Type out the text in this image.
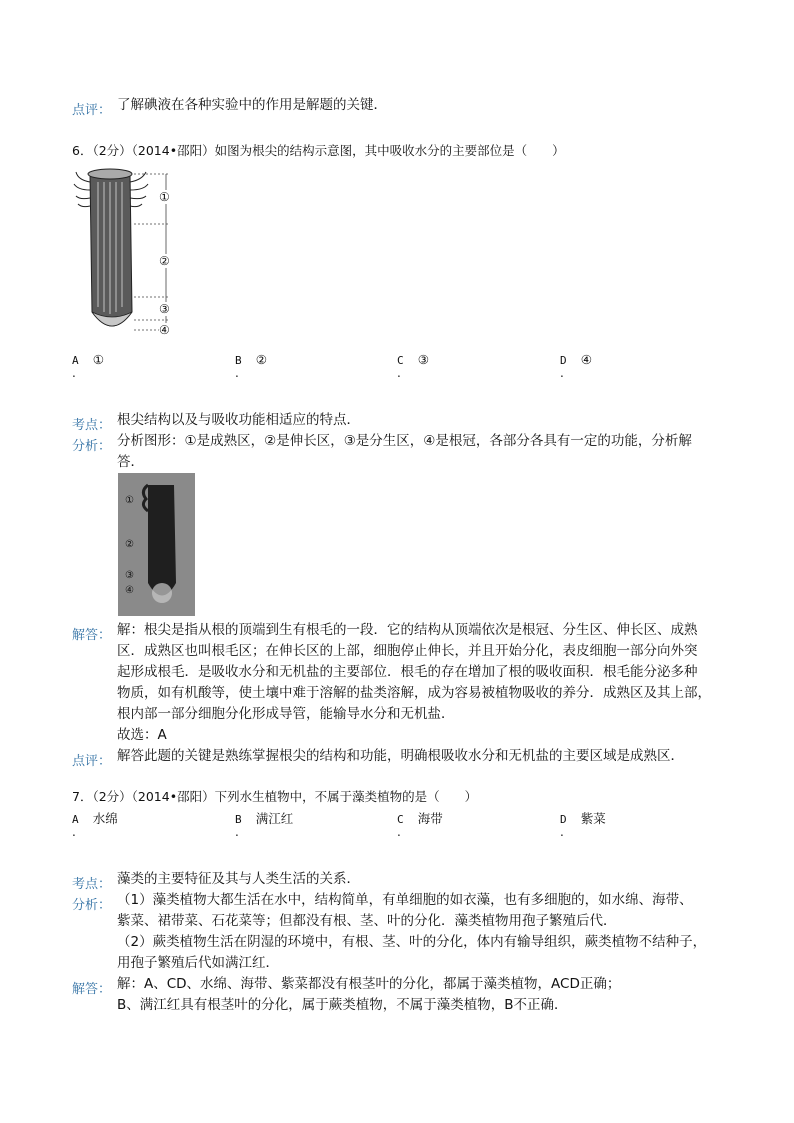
点评： 了解碘液在各种实验中的作用是解题的关键．
6．（2分）（2014•邵阳）如图为根尖的结构示意图，其中吸收水分的主要部位是（　　）
①
②
③
④
A ①
.
B ②
.
C ③
.
D ④
.
考点： 根尖结构以及与吸收功能相适应的特点．
分析： 分析图形：①是成熟区，②是伸长区，③是分生区，④是根冠，各部分各具有一定的功能，分析解
答．
①
②
③
④
解答： 解：根尖是指从根的顶端到生有根毛的一段．它的结构从顶端依次是根冠、分生区、伸长区、成熟
区．成熟区也叫根毛区；在伸长区的上部，细胞停止伸长，并且开始分化，表皮细胞一部分向外突
起形成根毛．是吸收水分和无机盐的主要部位．根毛的存在增加了根的吸收面积．根毛能分泌多种
物质，如有机酸等，使土壤中难于溶解的盐类溶解，成为容易被植物吸收的养分．成熟区及其上部，
根内部一部分细胞分化形成导管，能输导水分和无机盐．
故选：A
点评： 解答此题的关键是熟练掌握根尖的结构和功能，明确根吸收水分和无机盐的主要区域是成熟区．
7．（2分）（2014•邵阳）下列水生植物中，不属于藻类植物的是（　　）
A 水绵
.
B 满江红
.
C 海带
.
D 紫菜
.
考点： 藻类的主要特征及其与人类生活的关系．
分析： （1）藻类植物大都生活在水中，结构简单，有单细胞的如衣藻，也有多细胞的，如水绵、海带、
紫菜、裙带菜、石花菜等；但都没有根、茎、叶的分化．藻类植物用孢子繁殖后代．
（2）蕨类植物生活在阴湿的环境中，有根、茎、叶的分化，体内有输导组织，蕨类植物不结种子，
用孢子繁殖后代如满江红．
解答： 解：A、CD、水绵、海带、紫菜都没有根茎叶的分化，都属于藻类植物，ACD正确；
B、满江红具有根茎叶的分化，属于蕨类植物，不属于藻类植物，B不正确．
